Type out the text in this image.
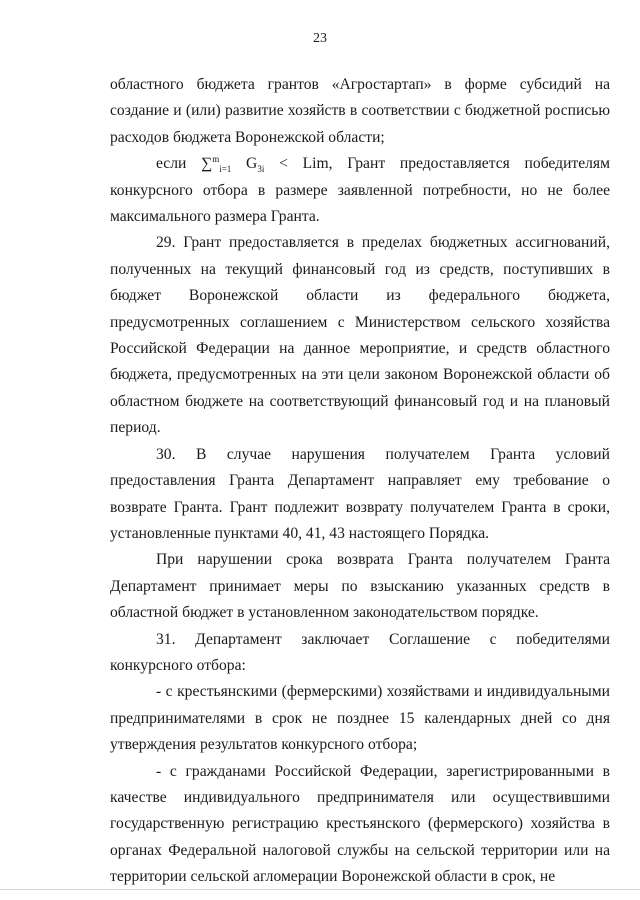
23

областного бюджета грантов «Агростартап» в форме субсидий на создание и (или) развитие хозяйств в соответствии с бюджетной росписью расходов бюджета Воронежской области;

если ∑$^m_{i=1}$ $G_{3i}$ < Lim, Грант предоставляется победителям конкурсного отбора в размере заявленной потребности, но не более максимального размера Гранта.

29. Грант предоставляется в пределах бюджетных ассигнований, полученных на текущий финансовый год из средств, поступивших в бюджет Воронежской области из федерального бюджета, предусмотренных соглашением с Министерством сельского хозяйства Российской Федерации на данное мероприятие, и средств областного бюджета, предусмотренных на эти цели законом Воронежской области об областном бюджете на соответствующий финансовый год и на плановый период.

30. В случае нарушения получателем Гранта условий предоставления Гранта Департамент направляет ему требование о возврате Гранта. Грант подлежит возврату получателем Гранта в сроки, установленные пунктами 40, 41, 43 настоящего Порядка.

При нарушении срока возврата Гранта получателем Гранта Департамент принимает меры по взысканию указанных средств в областной бюджет в установленном законодательством порядке.

31. Департамент заключает Соглашение с победителями конкурсного отбора:

- с крестьянскими (фермерскими) хозяйствами и индивидуальными предпринимателями в срок не позднее 15 календарных дней со дня утверждения результатов конкурсного отбора;

- с гражданами Российской Федерации, зарегистрированными в качестве индивидуального предпринимателя или осуществившими государственную регистрацию крестьянского (фермерского) хозяйства в органах Федеральной налоговой службы на сельской территории или на территории сельской агломерации Воронежской области в срок, не
